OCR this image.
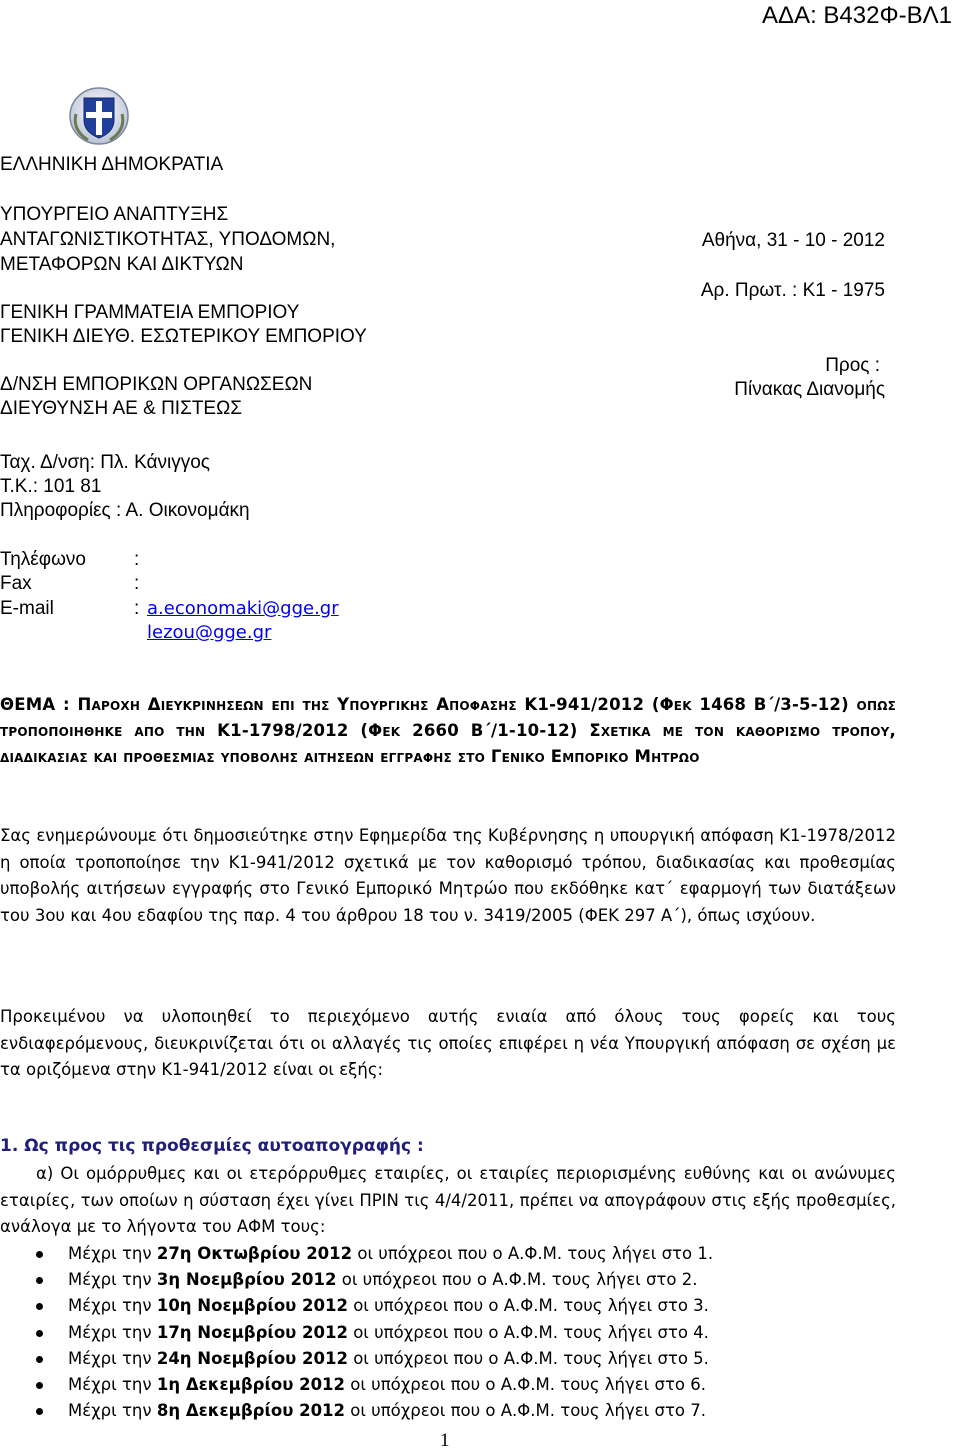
ΑΔΑ: Β432Φ-ΒΛ1
ΕΛΛΗΝΙΚΗ ΔΗΜΟΚΡΑΤΙΑ
ΥΠΟΥΡΓΕΙΟ ΑΝΑΠΤΥΞΗΣ
ΑΝΤΑΓΩΝΙΣΤΙΚΟΤΗΤΑΣ, ΥΠΟΔΟΜΩΝ,
ΜΕΤΑΦΟΡΩΝ ΚΑΙ ΔΙΚΤΥΩΝ
ΓΕΝΙΚΗ ΓΡΑΜΜΑΤΕΙΑ ΕΜΠΟΡΙΟΥ
ΓΕΝΙΚΗ ΔΙΕΥΘ. ΕΣΩΤΕΡΙΚΟΥ ΕΜΠΟΡΙΟΥ
Δ/ΝΣΗ ΕΜΠΟΡΙΚΩΝ ΟΡΓΑΝΩΣΕΩΝ
ΔΙΕΥΘΥΝΣΗ ΑΕ & ΠΙΣΤΕΩΣ
Ταχ. Δ/νση: Πλ. Κάνιγγος
Τ.Κ.: 101 81
Πληροφορίες : Α. Οικονομάκη
Τηλέφωνο	:
Fax	:
E-mail	: a.economaki@gge.gr
lezou@gge.gr
Αθήνα, 31 - 10 - 2012
Αρ. Πρωτ. : Κ1 - 1975
Προς :
Πίνακας Διανομής
ΘΕΜΑ : Παροχη Διευκρινησεων επι της Υπουργικης Αποφασης Κ1-941/2012 (Φεκ 1468 Β΄/3-5-12) οπως τροποποιηθηκε απο την Κ1-1798/2012 (Φεκ 2660 Β΄/1-10-12) Σχετικα με τον καθορισμο τροπου, διαδικασιας και προθεσμιας υποβολης αιτησεων εγγραφης στο Γενικο Εμπορικο Μητρωο
Σας ενημερώνουμε ότι δημοσιεύτηκε στην Εφημερίδα της Κυβέρνησης η υπουργική απόφαση Κ1-1978/2012 η οποία τροποποίησε την Κ1-941/2012 σχετικά με τον καθορισμό τρόπου, διαδικασίας και προθεσμίας υποβολής αιτήσεων εγγραφής στο Γενικό Εμπορικό Μητρώο που εκδόθηκε κατ΄ εφαρμογή των διατάξεων του 3ου και 4ου εδαφίου της παρ. 4 του άρθρου 18 του ν. 3419/2005 (ΦΕΚ 297 Α΄), όπως ισχύουν.
Προκειμένου να υλοποιηθεί το περιεχόμενο αυτής ενιαία από όλους τους φορείς και τους ενδιαφερόμενους, διευκρινίζεται ότι οι αλλαγές τις οποίες επιφέρει η νέα Υπουργική απόφαση σε σχέση με τα οριζόμενα στην Κ1-941/2012 είναι οι εξής:
1. Ως προς τις προθεσμίες αυτοαπογραφής :
α) Οι ομόρρυθμες και οι ετερόρρυθμες εταιρίες, οι εταιρίες περιορισμένης ευθύνης και οι ανώνυμες εταιρίες, των οποίων η σύσταση έχει γίνει ΠΡΙΝ τις 4/4/2011, πρέπει να απογράφουν στις εξής προθεσμίες, ανάλογα με το λήγοντα του ΑΦΜ τους:
Μέχρι την 27η Οκτωβρίου 2012 οι υπόχρεοι που ο Α.Φ.Μ. τους λήγει στο 1.
Μέχρι την 3η Νοεμβρίου 2012 οι υπόχρεοι που ο Α.Φ.Μ. τους λήγει στο 2.
Μέχρι την 10η Νοεμβρίου 2012 οι υπόχρεοι που ο Α.Φ.Μ. τους λήγει στο 3.
Μέχρι την 17η Νοεμβρίου 2012 οι υπόχρεοι που ο Α.Φ.Μ. τους λήγει στο 4.
Μέχρι την 24η Νοεμβρίου 2012 οι υπόχρεοι που ο Α.Φ.Μ. τους λήγει στο 5.
Μέχρι την 1η Δεκεμβρίου 2012 οι υπόχρεοι που ο Α.Φ.Μ. τους λήγει στο 6.
Μέχρι την 8η Δεκεμβρίου 2012 οι υπόχρεοι που ο Α.Φ.Μ. τους λήγει στο 7.
1
